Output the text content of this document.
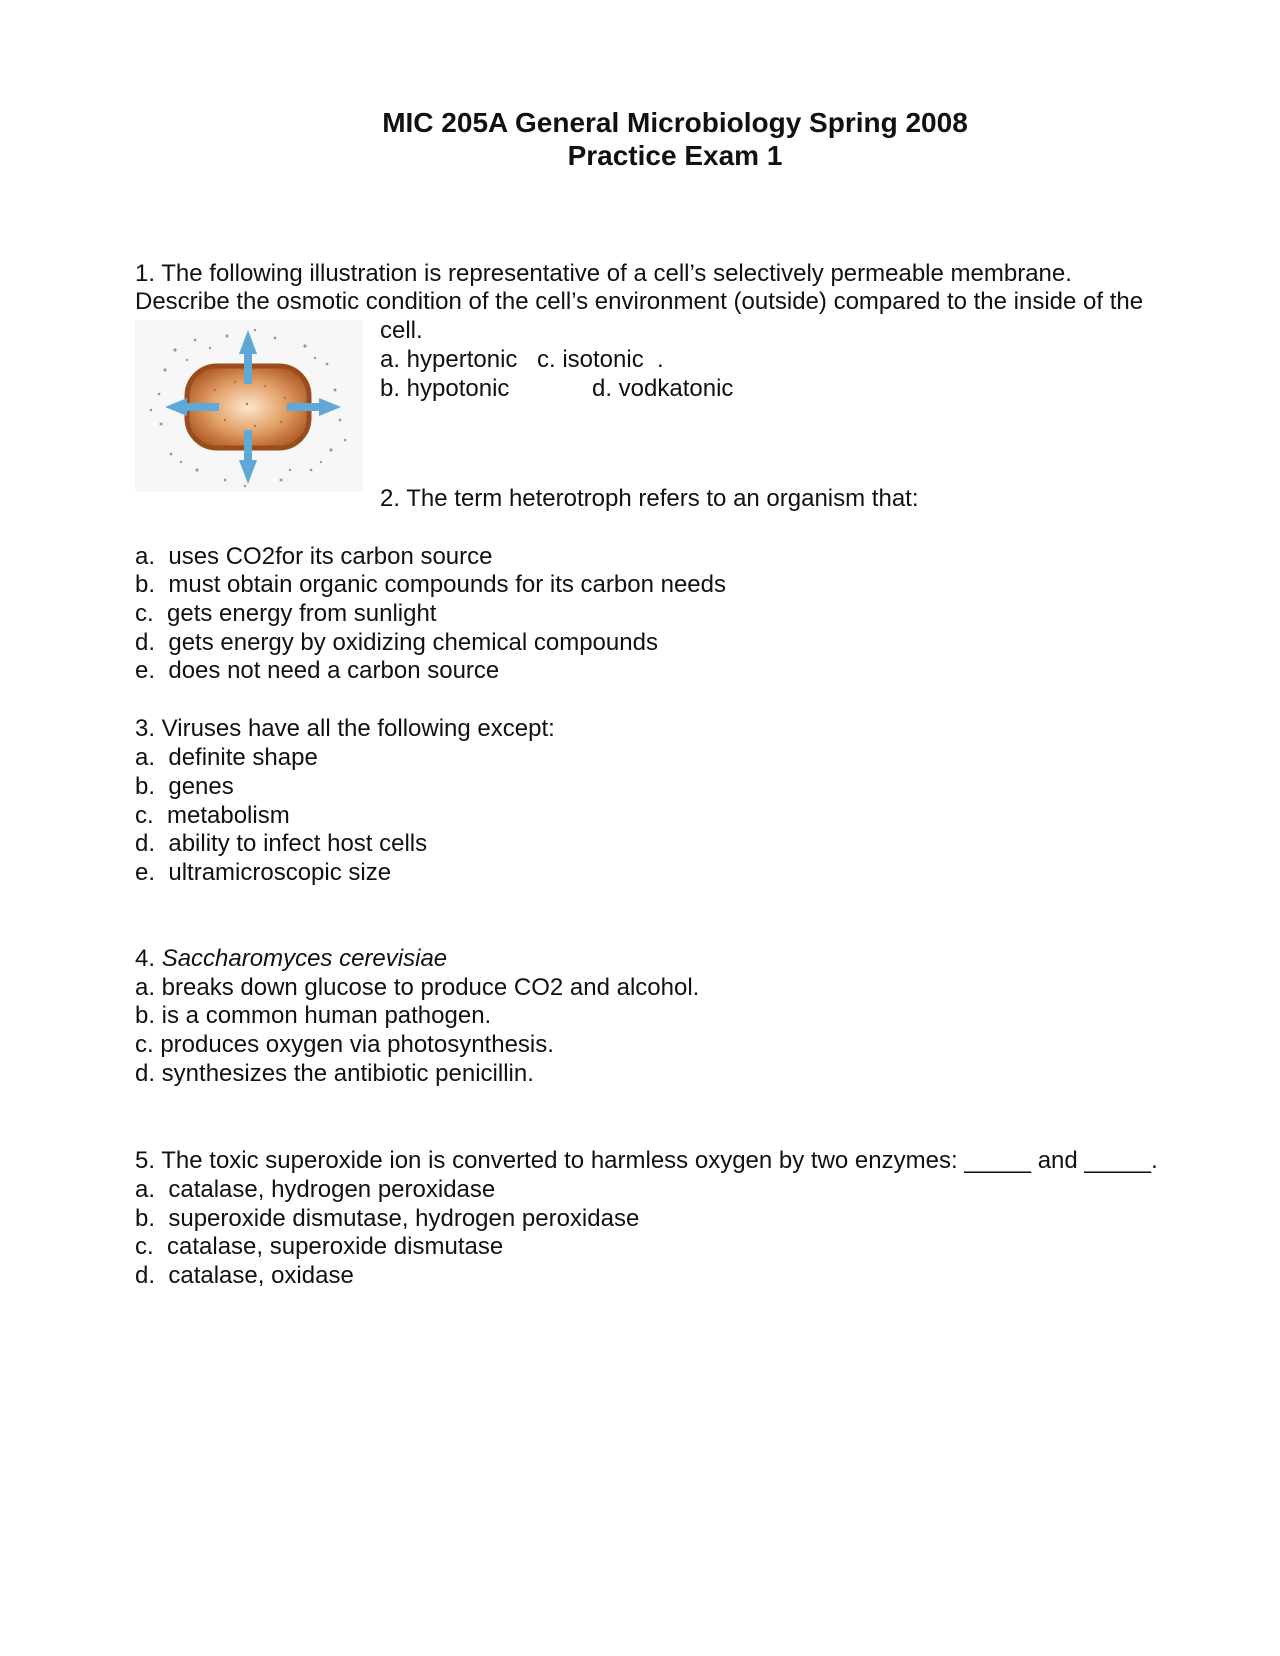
MIC 205A General Microbiology Spring 2008
Practice Exam 1
1. The following illustration is representative of a cell’s selectively permeable membrane.
Describe the osmotic condition of the cell’s environment (outside) compared to the inside of the
cell.
a. hypertonic c. isotonic  .
b. hypotonic	d. vodkatonic
2. The term heterotroph refers to an organism that:
a.  uses CO2for its carbon source
b.  must obtain organic compounds for its carbon needs
c.  gets energy from sunlight
d.  gets energy by oxidizing chemical compounds
e.  does not need a carbon source
3. Viruses have all the following except:
a.  definite shape
b.  genes
c.  metabolism
d.  ability to infect host cells
e.  ultramicroscopic size
4. Saccharomyces cerevisiae
a. breaks down glucose to produce CO2 and alcohol.
b. is a common human pathogen.
c. produces oxygen via photosynthesis.
d. synthesizes the antibiotic penicillin.
5. The toxic superoxide ion is converted to harmless oxygen by two enzymes: _____ and _____.
a.  catalase, hydrogen peroxidase
b.  superoxide dismutase, hydrogen peroxidase
c.  catalase, superoxide dismutase
d.  catalase, oxidase
